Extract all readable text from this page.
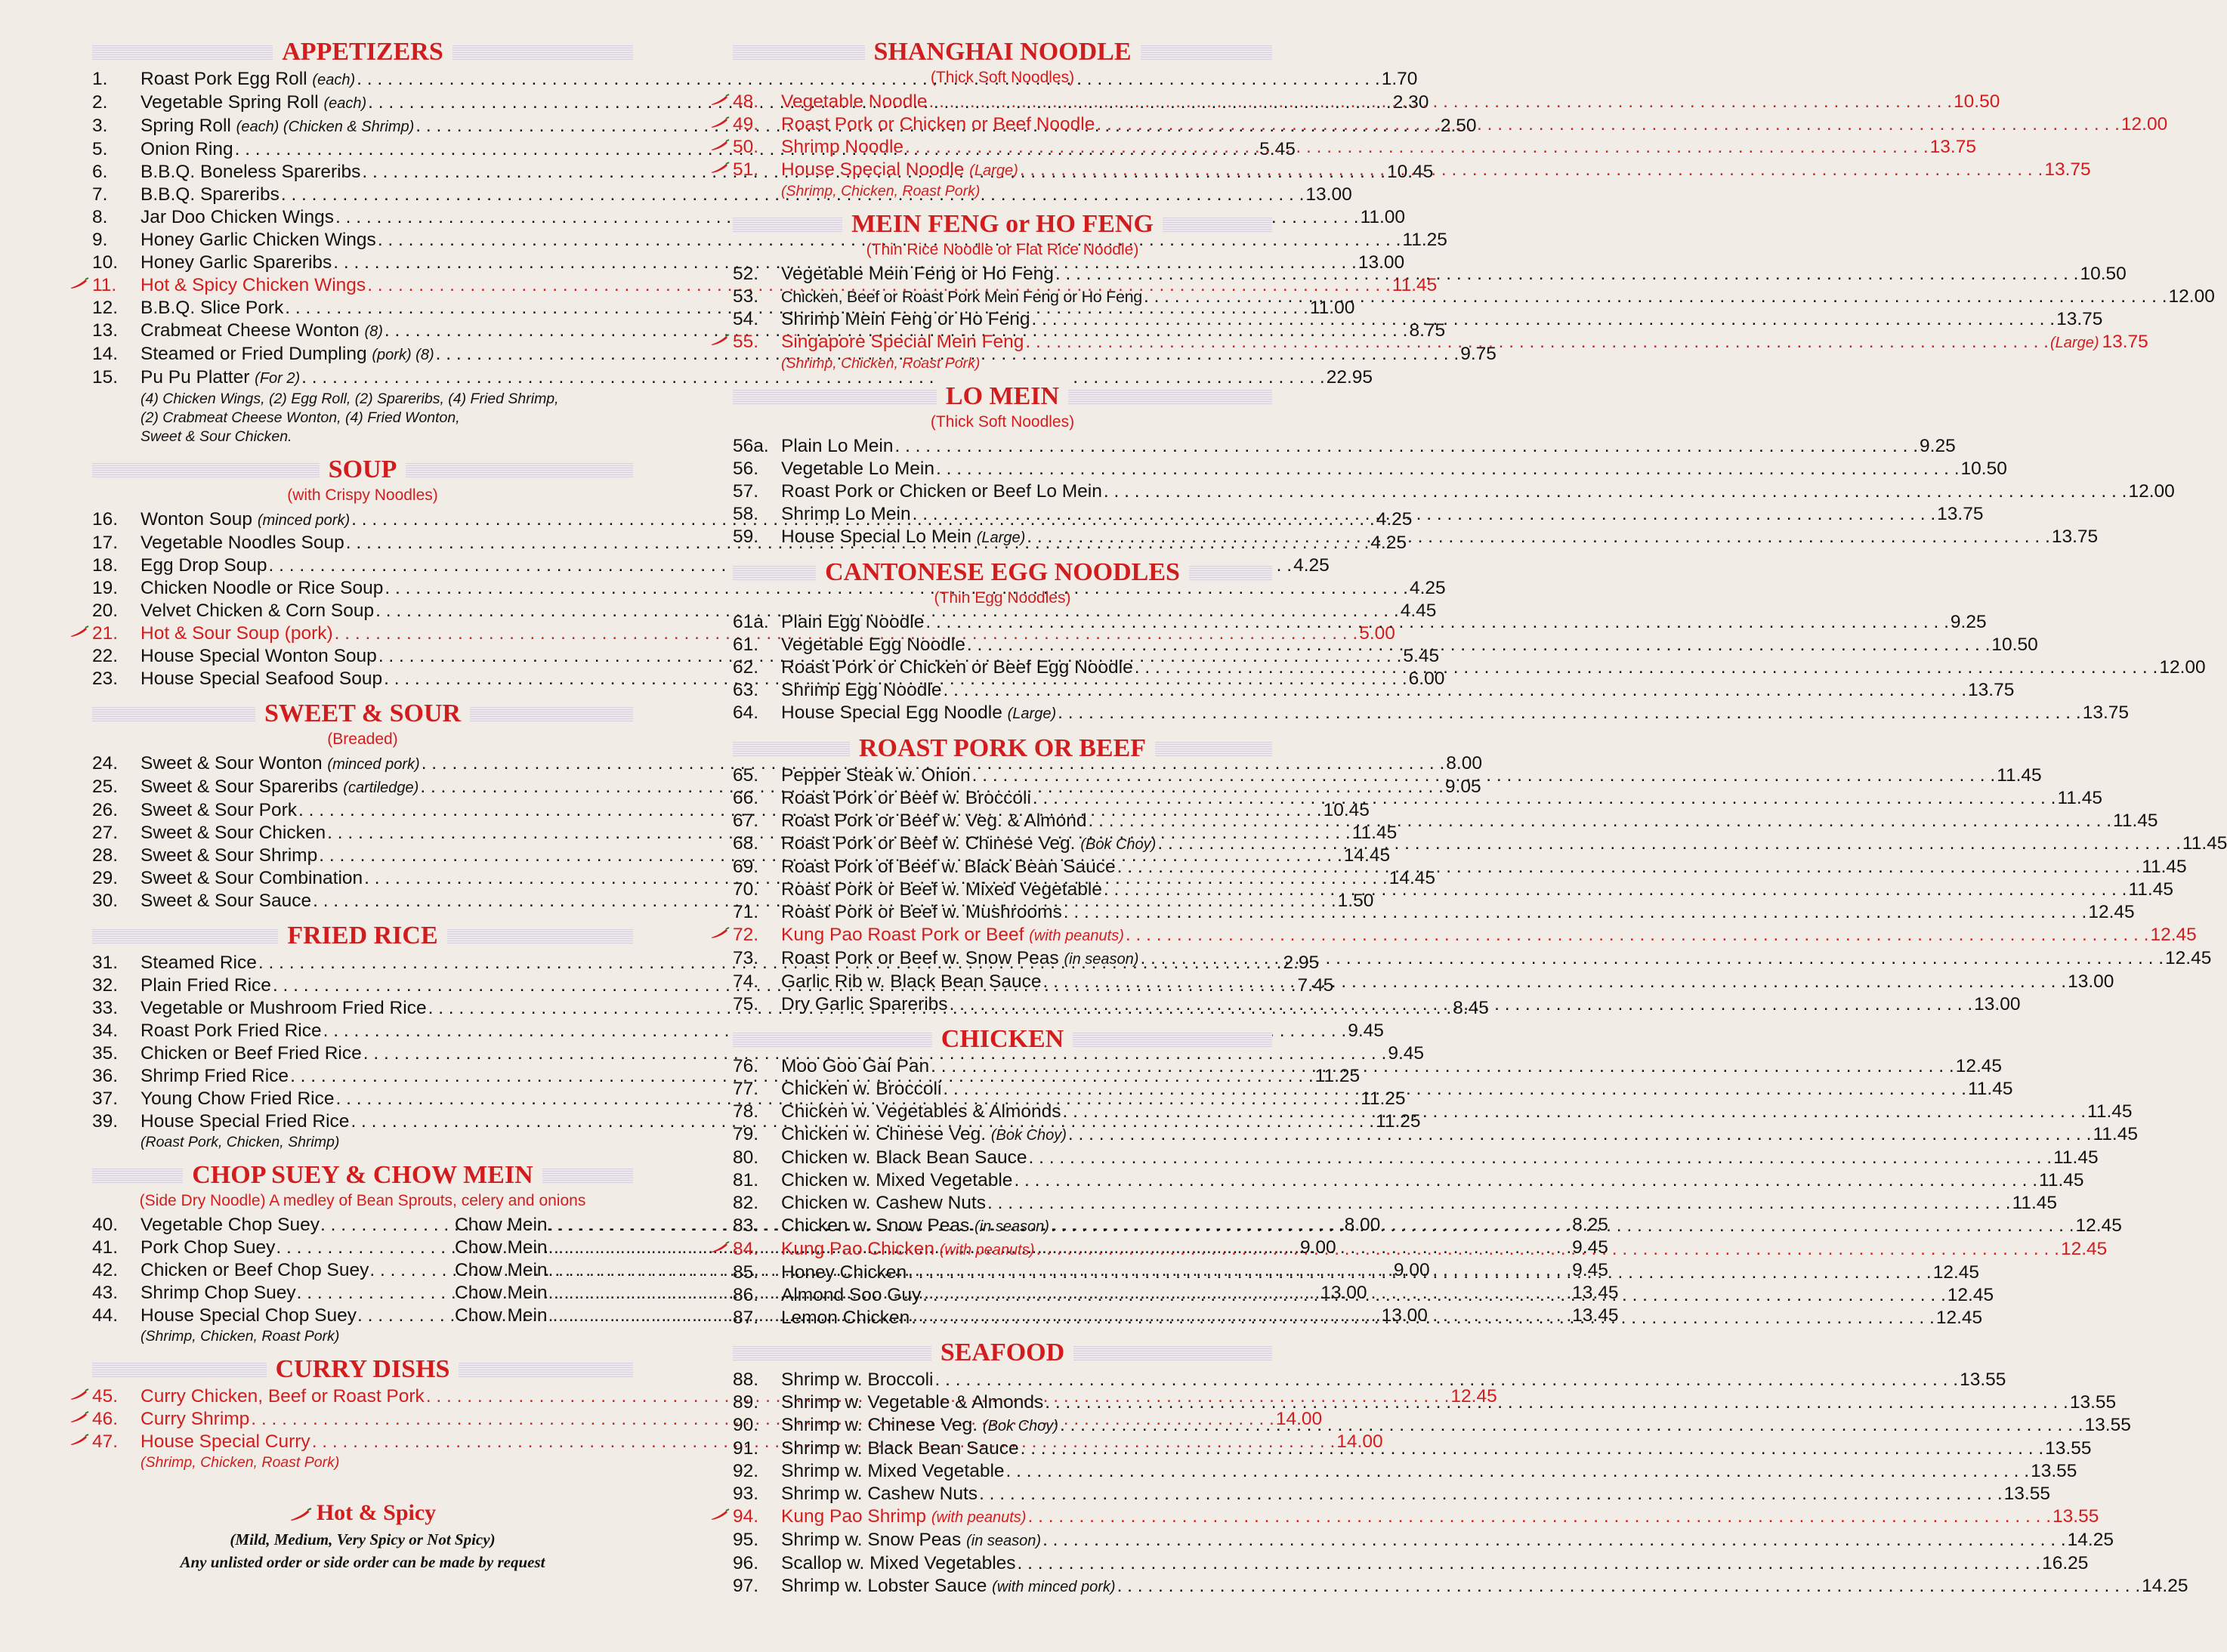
APPETIZERS
1.	Roast Pork Egg Roll (each) . . .	1.70
2.	Vegetable Spring Roll (each) . . .	2.30
3.	Spring Roll (each) (Chicken & Shrimp) . . .	2.50
5.	Onion Ring . . .	5.45
6.	B.B.Q. Boneless Spareribs . . .	10.45
7.	B.B.Q. Spareribs . . .	13.00
8.	Jar Doo Chicken Wings . . .	11.00
9.	Honey Garlic Chicken Wings . . .	11.25
10.	Honey Garlic Spareribs . . .	13.00
11.	Hot & Spicy Chicken Wings . . .	11.45
12.	B.B.Q. Slice Pork . . .	11.00
13.	Crabmeat Cheese Wonton (8) . . .	8.75
14.	Steamed or Fried Dumpling (pork) (8) . . .	9.75
15.	Pu Pu Platter (For 2) . . .	22.95
(4) Chicken Wings, (2) Egg Roll, (2) Spareribs, (4) Fried Shrimp,
(2) Crabmeat Cheese Wonton, (4) Fried Wonton,
Sweet & Sour Chicken.
SOUP
(with Crispy Noodles)
16.	Wonton Soup (minced pork) . . .	4.25
17.	Vegetable Noodles Soup . . .	4.25
18.	Egg Drop Soup . . .	4.25
19.	Chicken Noodle or Rice Soup . . .	4.25
20.	Velvet Chicken & Corn Soup . . .	4.45
21.	Hot & Sour Soup (pork) . . .	5.00
22.	House Special Wonton Soup . . .	5.45
23.	House Special Seafood Soup . . .	6.00
SWEET & SOUR
(Breaded)
24.	Sweet & Sour Wonton (minced pork) . . .	8.00
25.	Sweet & Sour Spareribs (cartiledge) . . .	9.05
26.	Sweet & Sour Pork . . .	10.45
27.	Sweet & Sour Chicken . . .	11.45
28.	Sweet & Sour Shrimp . . .	14.45
29.	Sweet & Sour Combination . . .	14.45
30.	Sweet & Sour Sauce . . .	1.50
FRIED RICE
31.	Steamed Rice . . .	2.95
32.	Plain Fried Rice . . .	7.45
33.	Vegetable or Mushroom Fried Rice . . .	8.45
34.	Roast Pork Fried Rice . . .	9.45
35.	Chicken or Beef Fried Rice . . .	9.45
36.	Shrimp Fried Rice . . .	11.25
37.	Young Chow Fried Rice . . .	11.25
39.	House Special Fried Rice . . .	11.25
(Roast Pork, Chicken, Shrimp)
CHOP SUEY & CHOW MEIN
(Side Dry Noodle) A medley of Bean Sprouts, celery and onions
40.	Vegetable Chop Suey . . .	8.00
Chow Mein . . .	8.25
41.	Pork Chop Suey . . .	9.00
Chow Mein . . .	9.45
42.	Chicken or Beef Chop Suey . . .	9.00
Chow Mein . . .	9.45
43.	Shrimp Chop Suey . . .	13.00
Chow Mein . . .	13.45
44.	House Special Chop Suey . . .	13.00
Chow Mein . . .	13.45
(Shrimp, Chicken, Roast Pork)
CURRY DISHS
45.	Curry Chicken, Beef or Roast Pork . . .	12.45
46.	Curry Shrimp . . .	14.00
47.	House Special Curry . . .	14.00
(Shrimp, Chicken, Roast Pork)
Hot & Spicy
(Mild, Medium, Very Spicy or Not Spicy)
Any unlisted order or side order can be made by request
SHANGHAI NOODLE
(Thick Soft Noodles)
48.	Vegetable Noodle . . .	10.50
49.	Roast Pork or Chicken or Beef Noodle . . .	12.00
50.	Shrimp Noodle . . .	13.75
51.	House Special Noodle (Large) . . .	13.75
(Shrimp, Chicken, Roast Pork)
MEIN FENG or HO FENG
(Thin Rice Noodle or Flat Rice Noodle)
52.	Vegetable Mein Feng or Ho Feng . . .	10.50
53.	Chicken, Beef or Roast Pork Mein Feng or Ho Feng . . .	12.00
54.	Shrimp Mein Feng or Ho Feng . . .	13.75
55.	Singapore Special Mein Feng . . .	(Large) 13.75
(Shrimp, Chicken, Roast Pork)
LO MEIN
(Thick Soft Noodles)
56a. Plain Lo Mein . . .	9.25
56.	Vegetable Lo Mein . . .	10.50
57.	Roast Pork or Chicken or Beef Lo Mein . . .	12.00
58.	Shrimp Lo Mein . . .	13.75
59.	House Special Lo Mein (Large) . . .	13.75
CANTONESE EGG NOODLES
(Thin Egg Noodles)
61a. Plain Egg Noodle . . .	9.25
61.	Vegetable Egg Noodle . . .	10.50
62.	Roast Pork or Chicken or Beef Egg Noodle . . .	12.00
63.	Shrimp Egg Noodle . . .	13.75
64.	House Special Egg Noodle (Large) . . .	13.75
ROAST PORK OR BEEF
65.	Pepper Steak w. Onion . . .	11.45
66.	Roast Pork or Beef w. Broccoli . . .	11.45
67.	Roast Pork or Beef w. Veg. & Almond . . .	11.45
68.	Roast Pork or Beef w. Chinese Veg. (Bok Choy) . . .	11.45
69.	Roast Pork of Beef w. Black Bean Sauce . . .	11.45
70.	Roast Pork or Beef w. Mixed Vegetable . . .	11.45
71.	Roast Pork or Beef w. Mushrooms . . .	12.45
72.	Kung Pao Roast Pork or Beef (with peanuts) . . .	12.45
73.	Roast Pork or Beef w. Snow Peas (in season) . . .	12.45
74.	Garlic Rib w. Black Bean Sauce . . .	13.00
75.	Dry Garlic Spareribs . . .	13.00
CHICKEN
76.	Moo Goo Gai Pan . . .	12.45
77.	Chicken w. Broccoli . . .	11.45
78.	Chicken w. Vegetables & Almonds . . .	11.45
79.	Chicken w. Chinese Veg. (Bok Choy) . . .	11.45
80.	Chicken w. Black Bean Sauce . . .	11.45
81.	Chicken w. Mixed Vegetable . . .	11.45
82.	Chicken w. Cashew Nuts . . .	11.45
83.	Chicken w. Snow Peas (in season) . . .	12.45
84.	Kung Pao Chicken (with peanuts) . . .	12.45
85.	Honey Chicken . . .	12.45
86.	Almond Soo Guy . . .	12.45
87.	Lemon Chicken . . .	12.45
SEAFOOD
88.	Shrimp w. Broccoli . . .	13.55
89.	Shrimp w. Vegetable & Almonds . . .	13.55
90.	Shrimp w. Chinese Veg. (Bok Choy) . . .	13.55
91.	Shrimp w. Black Bean Sauce . . .	13.55
92.	Shrimp w. Mixed Vegetable . . .	13.55
93.	Shrimp w. Cashew Nuts . . .	13.55
94.	Kung Pao Shrimp (with peanuts) . . .	13.55
95.	Shrimp w. Snow Peas (in season) . . .	14.25
96.	Scallop w. Mixed Vegetables . . .	16.25
97.	Shrimp w. Lobster Sauce (with minced pork) . . .	14.25
